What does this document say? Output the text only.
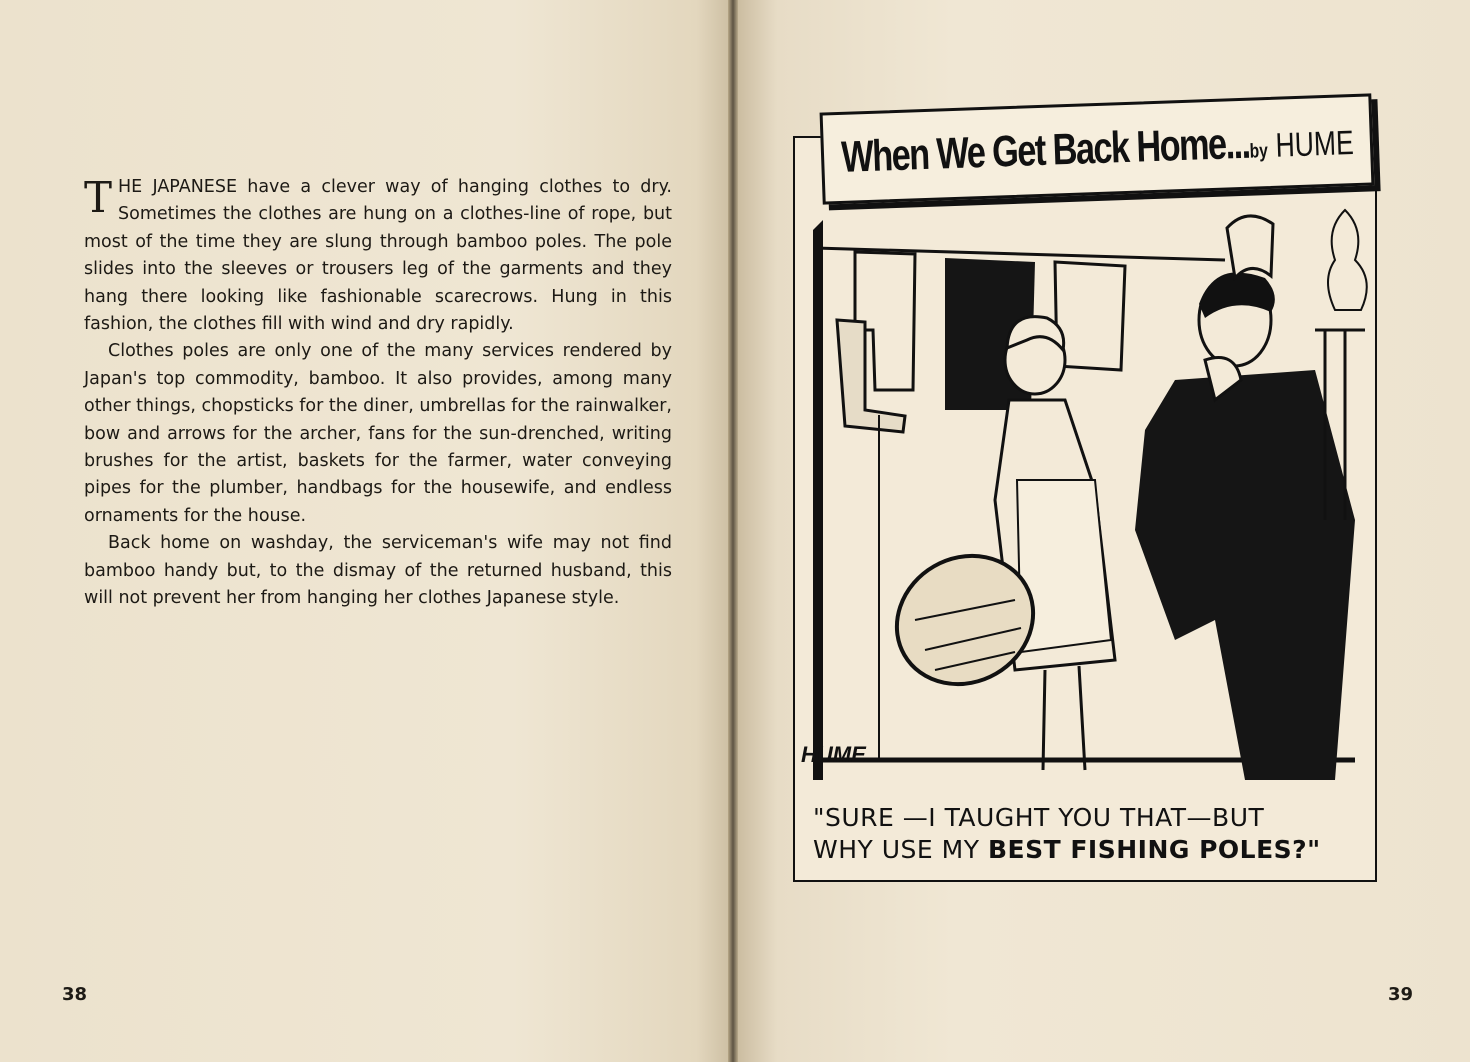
THE JAPANESE have a clever way of hanging clothes to dry. Sometimes the clothes are hung on a clothes-line of rope, but most of the time they are slung through bamboo poles. The pole slides into the sleeves or trousers leg of the garments and they hang there looking like fashionable scarecrows. Hung in this fashion, the clothes fill with wind and dry rapidly.

Clothes poles are only one of the many services rendered by Japan's top commodity, bamboo. It also provides, among many other things, chopsticks for the diner, umbrellas for the rainwalker, bow and arrows for the archer, fans for the sun-drenched, writing brushes for the artist, baskets for the farmer, water conveying pipes for the plumber, handbags for the housewife, and endless ornaments for the house.

Back home on washday, the serviceman's wife may not find bamboo handy but, to the dismay of the returned husband, this will not prevent her from hanging her clothes Japanese style.

38
When We Get Back Home...by HUME
HUME
"SURE —I TAUGHT YOU THAT—BUT
WHY USE MY BEST FISHING POLES?"
39
